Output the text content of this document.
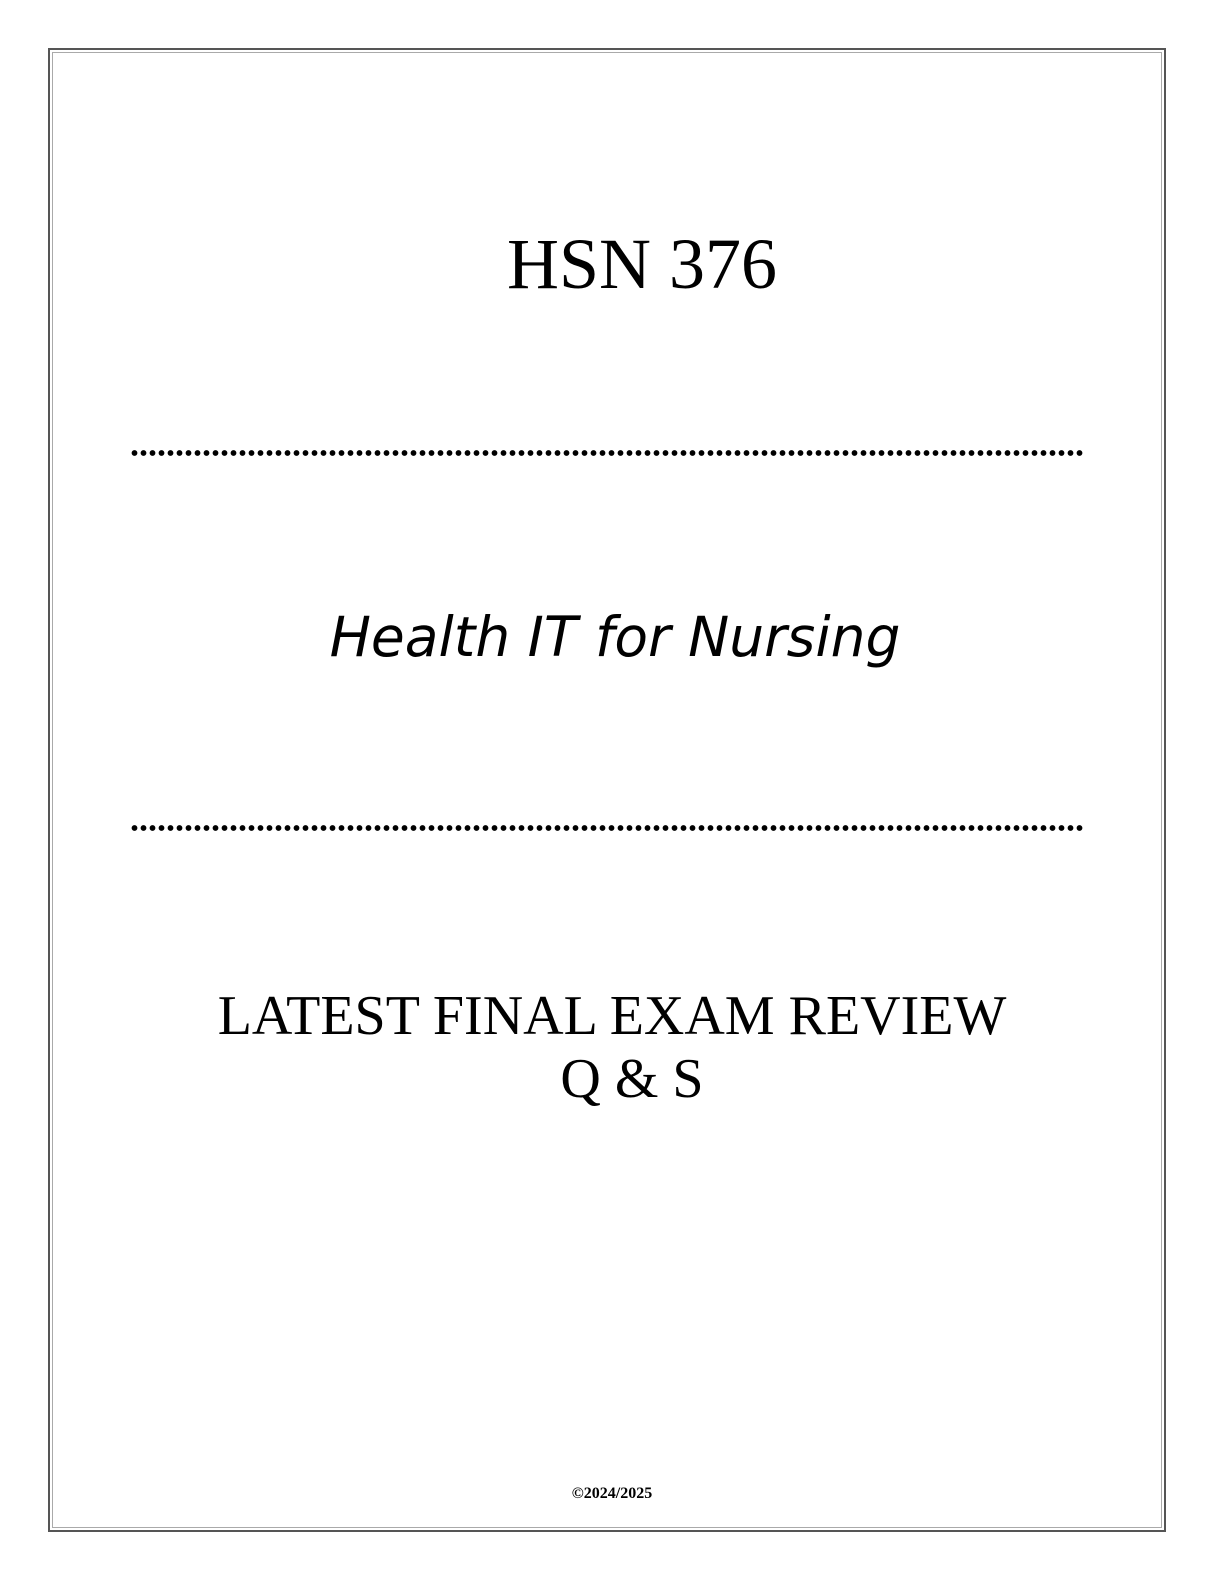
HSN 376
Health IT for Nursing
LATEST FINAL EXAM REVIEW
Q & S
©2024/2025
